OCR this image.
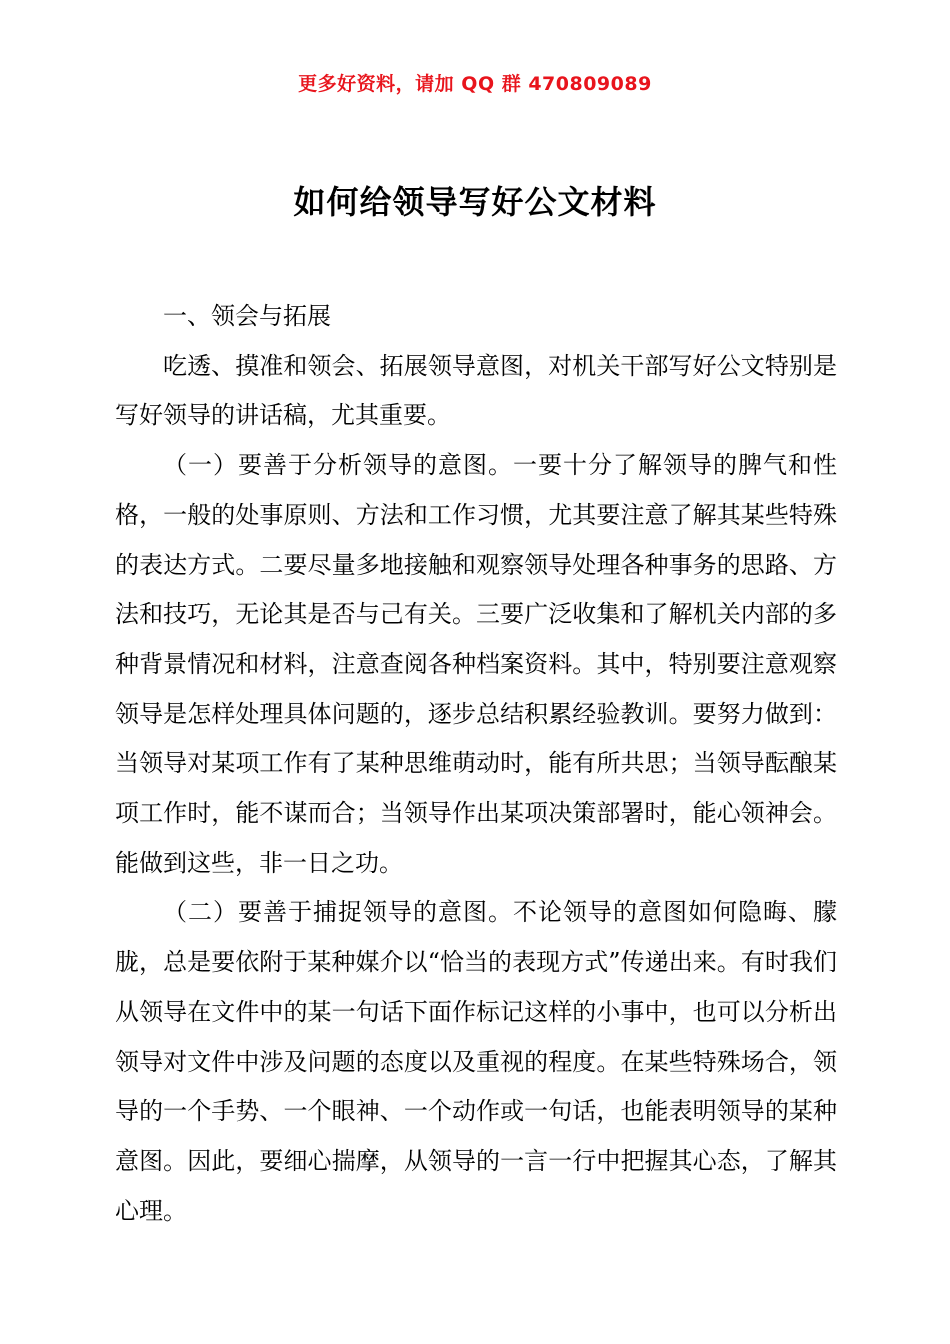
更多好资料，请加 QQ 群 470809089
如何给领导写好公文材料

一、领会与拓展

吃透、摸准和领会、拓展领导意图，对机关干部写好公文特别是写好领导的讲话稿，尤其重要。

（一）要善于分析领导的意图。一要十分了解领导的脾气和性格，一般的处事原则、方法和工作习惯，尤其要注意了解其某些特殊的表达方式。二要尽量多地接触和观察领导处理各种事务的思路、方法和技巧，无论其是否与己有关。三要广泛收集和了解机关内部的多种背景情况和材料，注意查阅各种档案资料。其中，特别要注意观察领导是怎样处理具体问题的，逐步总结积累经验教训。要努力做到：当领导对某项工作有了某种思维萌动时，能有所共思；当领导酝酿某项工作时，能不谋而合；当领导作出某项决策部署时，能心领神会。能做到这些，非一日之功。

（二）要善于捕捉领导的意图。不论领导的意图如何隐晦、朦胧，总是要依附于某种媒介以“恰当的表现方式”传递出来。有时我们从领导在文件中的某一句话下面作标记这样的小事中，也可以分析出领导对文件中涉及问题的态度以及重视的程度。在某些特殊场合，领导的一个手势、一个眼神、一个动作或一句话，也能表明领导的某种意图。因此，要细心揣摩，从领导的一言一行中把握其心态，了解其心理。
